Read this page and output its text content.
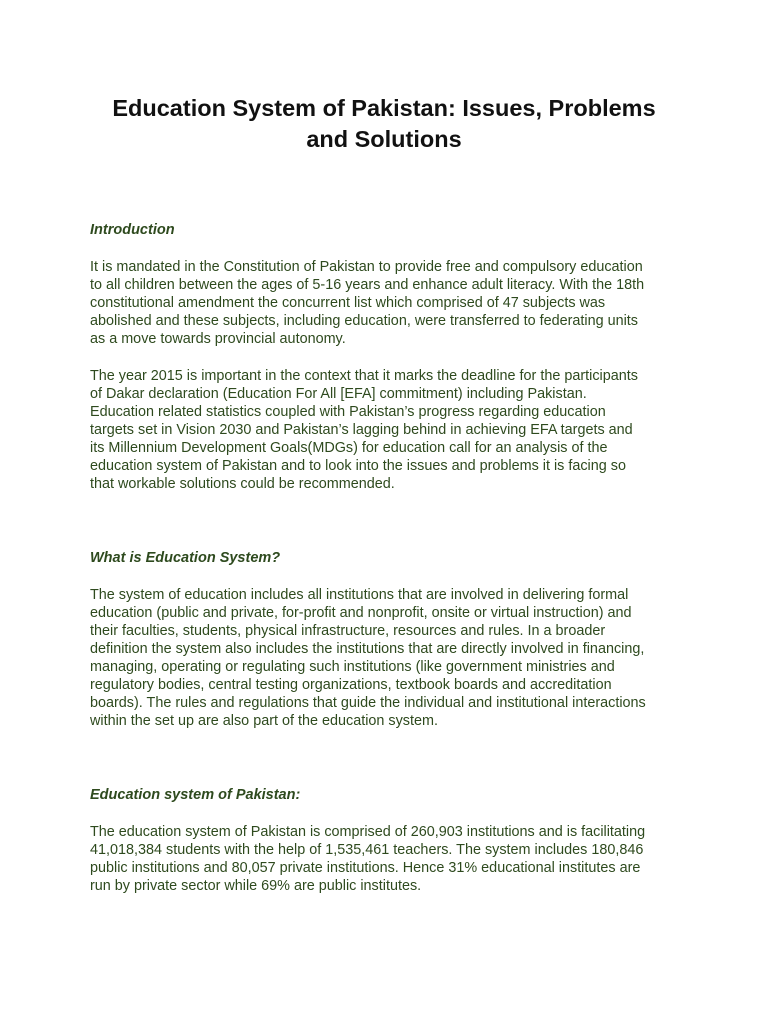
Education System of Pakistan: Issues, Problems
and Solutions
Introduction

It is mandated in the Constitution of Pakistan to provide free and compulsory education
to all children between the ages of 5-16 years and enhance adult literacy. With the 18th
constitutional amendment the concurrent list which comprised of 47 subjects was
abolished and these subjects, including education, were transferred to federating units
as a move towards provincial autonomy.

The year 2015 is important in the context that it marks the deadline for the participants
of Dakar declaration (Education For All [EFA] commitment) including Pakistan.
Education related statistics coupled with Pakistan’s progress regarding education
targets set in Vision 2030 and Pakistan’s lagging behind in achieving EFA targets and
its Millennium Development Goals(MDGs) for education call for an analysis of the
education system of Pakistan and to look into the issues and problems it is facing so
that workable solutions could be recommended.

What is Education System?

The system of education includes all institutions that are involved in delivering formal
education (public and private, for-profit and nonprofit, onsite or virtual instruction) and
their faculties, students, physical infrastructure, resources and rules. In a broader
definition the system also includes the institutions that are directly involved in financing,
managing, operating or regulating such institutions (like government ministries and
regulatory bodies, central testing organizations, textbook boards and accreditation
boards). The rules and regulations that guide the individual and institutional interactions
within the set up are also part of the education system.

Education system of Pakistan:

The education system of Pakistan is comprised of 260,903 institutions and is facilitating
41,018,384 students with the help of 1,535,461 teachers. The system includes 180,846
public institutions and 80,057 private institutions. Hence 31% educational institutes are
run by private sector while 69% are public institutes.
